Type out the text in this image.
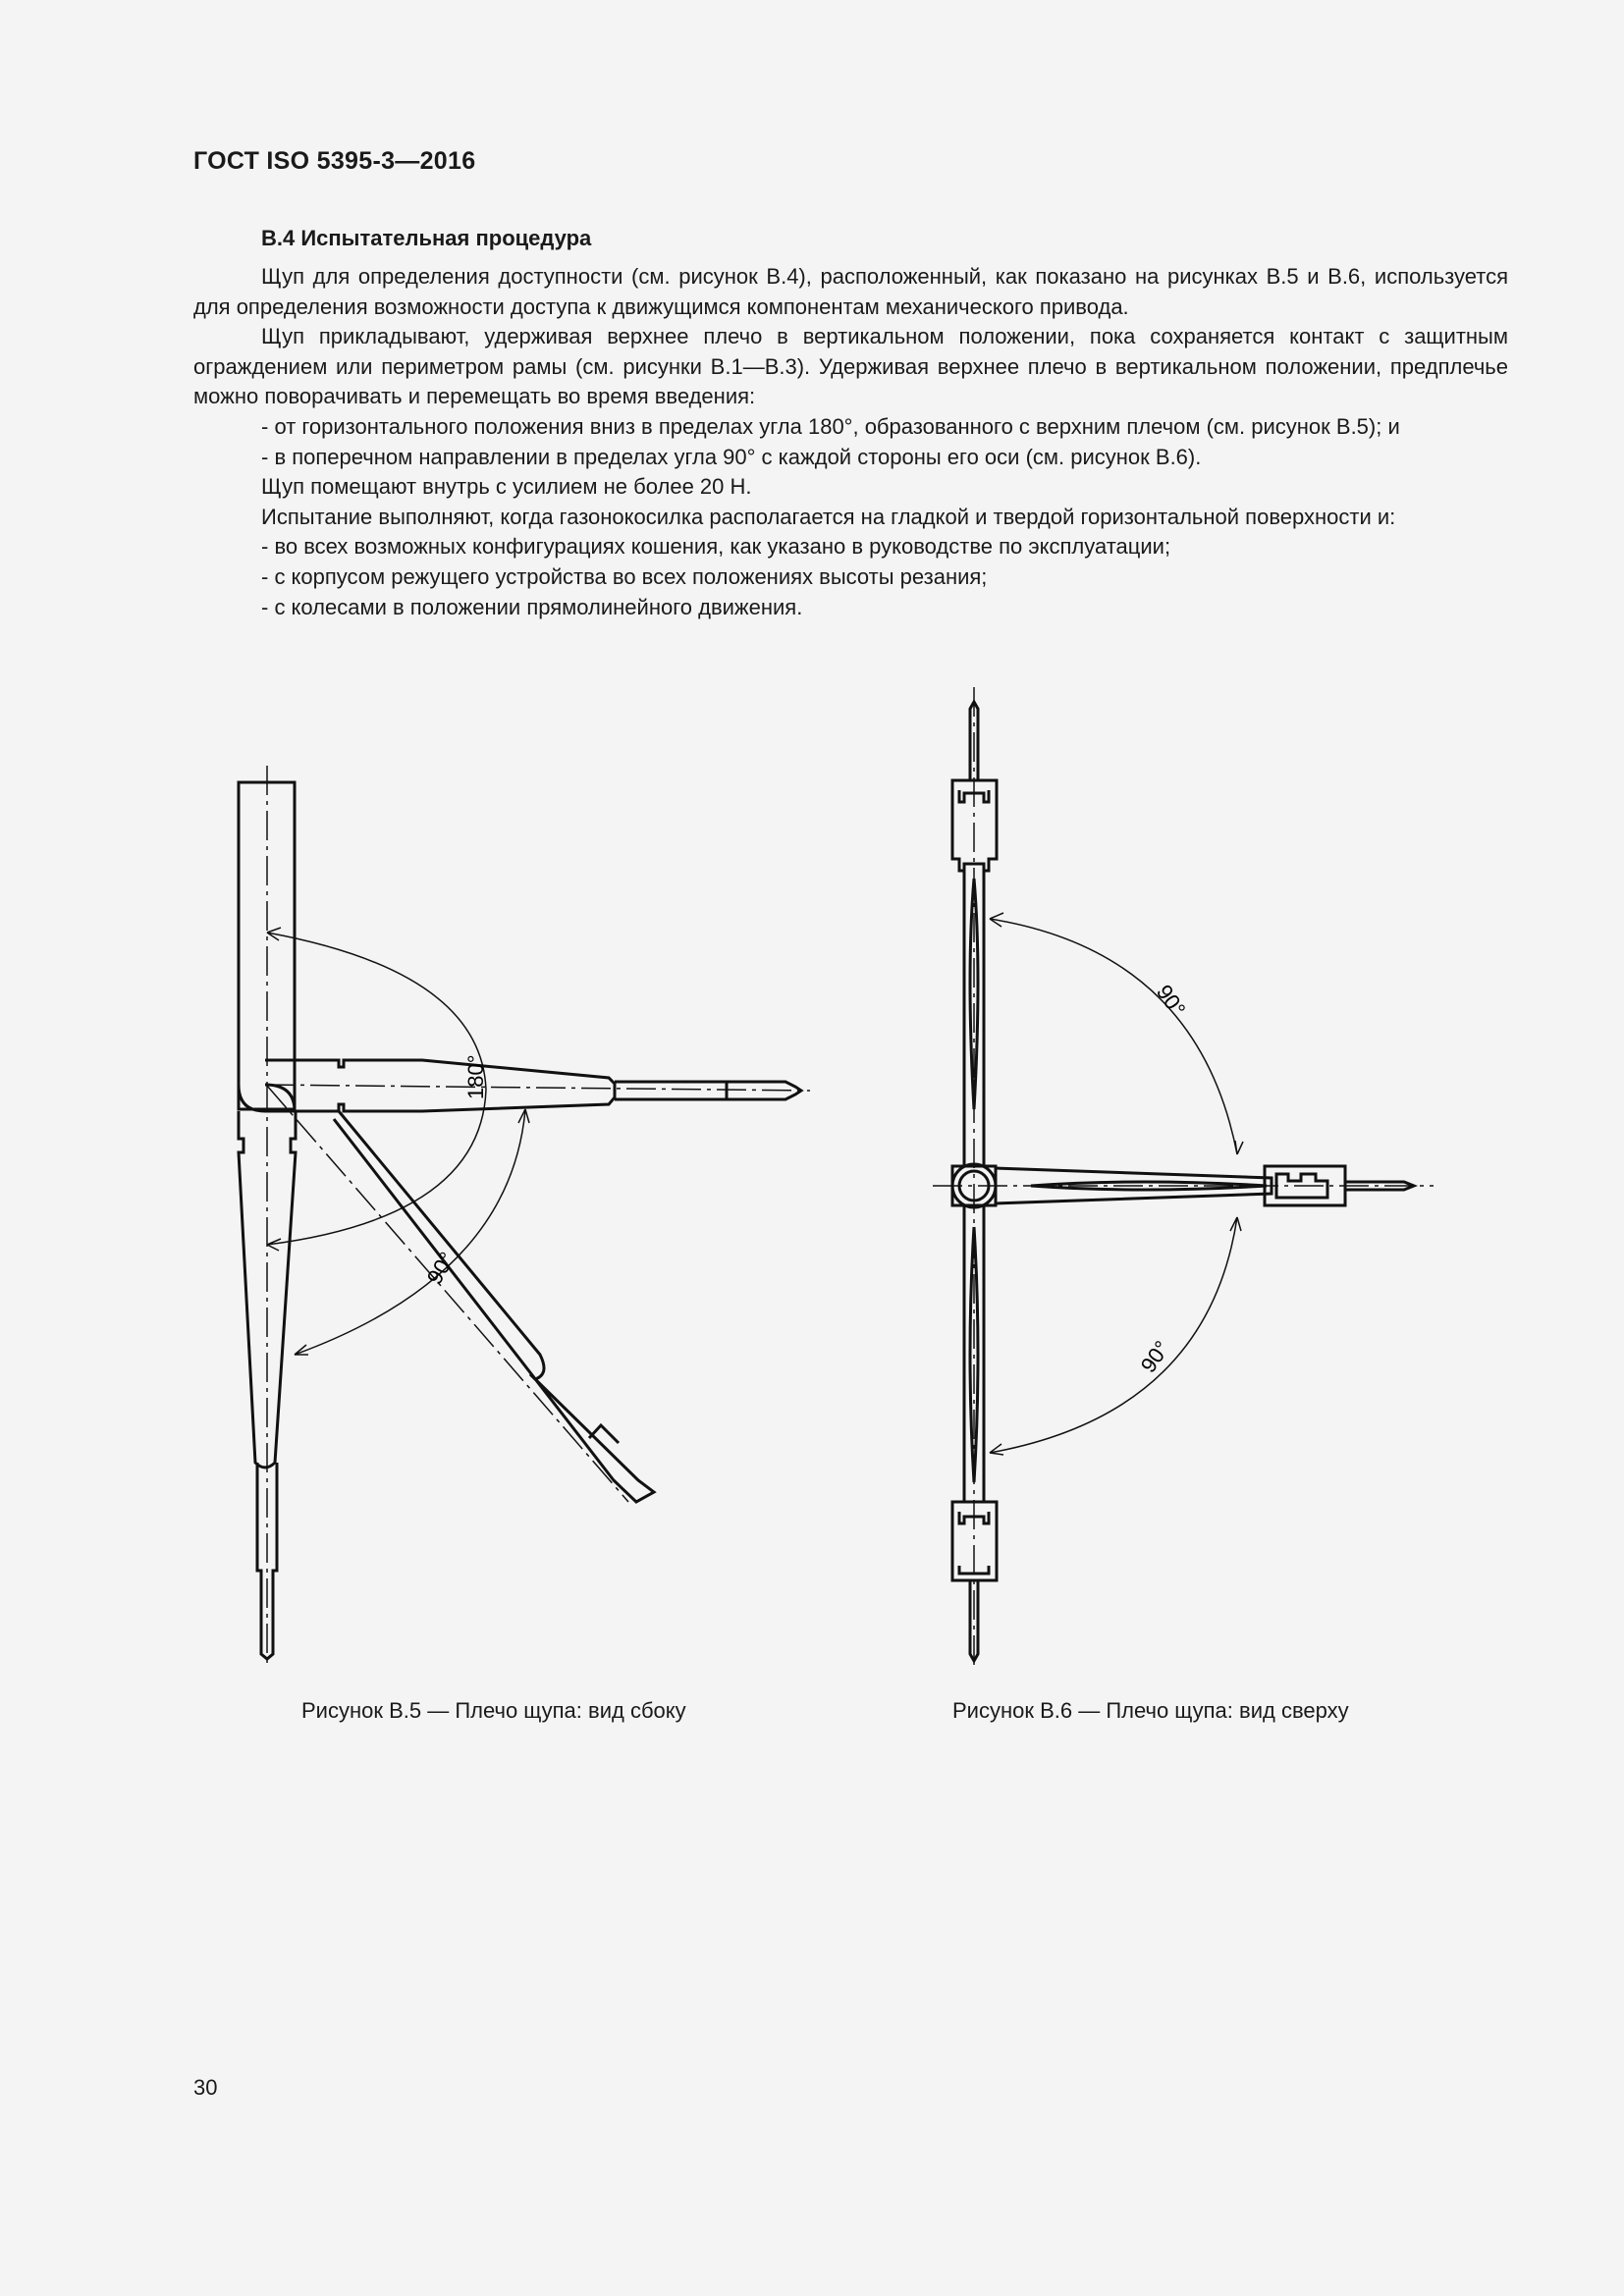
ГОСТ ISO 5395-3—2016
B.4 Испытательная процедура

Щуп для определения доступности (см. рисунок В.4), расположенный, как показано на рисунках В.5 и В.6, используется для определения возможности доступа к движущимся компонентам механического привода.

Щуп прикладывают, удерживая верхнее плечо в вертикальном положении, пока сохраняется контакт с защитным ограждением или периметром рамы (см. рисунки В.1—В.3). Удерживая верхнее плечо в вертикальном положении, предплечье можно поворачивать и перемещать во время введения:

- от горизонтального положения вниз в пределах угла 180°, образованного с верхним плечом (см. рисунок В.5); и

- в поперечном направлении в пределах угла 90° с каждой стороны его оси (см. рисунок В.6).

Щуп помещают внутрь с усилием не более 20 Н.

Испытание выполняют, когда газонокосилка располагается на гладкой и твердой горизонтальной поверхности и:

- во всех возможных конфигурациях кошения, как указано в руководстве по эксплуатации;

- с корпусом режущего устройства во всех положениях высоты резания;

- с колесами в положении прямолинейного движения.

180°
90°
Рисунок В.5 — Плечо щупа: вид сбоку
90°
90°
Рисунок В.6 — Плечо щупа: вид сверху
30
